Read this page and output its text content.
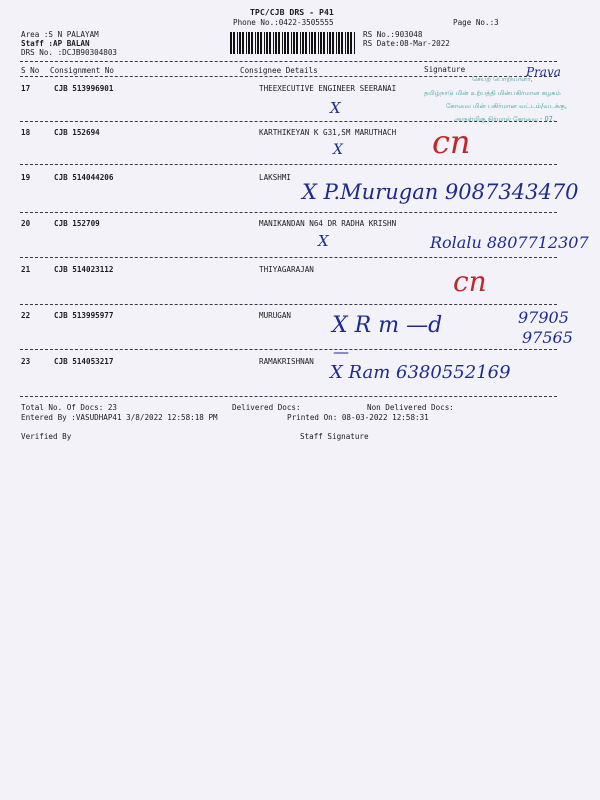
TPC/CJB DRS - P41
Phone No.:0422-3505555
RS No.:903048
Page No.:3
RS Date:08-Mar-2022
Area :S N PALAYAM
Staff :AP BALAN
DRS No. :DCJB90304803
S No Consignment No	Consignee Details	Signature
17	CJB 513996901	THEEXECUTIVE ENGINEER SEERANAI
18	CJB 152694	KARTHIKEYAN K G31,SM MARUTHACH
19	CJB 514044206	LAKSHMI
20	CJB 152709	MANIKANDAN N64 DR RADHA KRISHN
21	CJB 514023112	THIYAGARAJAN
22	CJB 513995977	MURUGAN
23	CJB 514053217	RAMAKRISHNAN
செயற் பொறியாளர்,
தமிழ்நாடு மின் உற்பத்தி மின்பகிர்மான கழகம்
கோவை மின் பகிர்மான வட்டம்/வடக்கு,
அருள்மிகு நிர்மால் கோவை - 07.
Prava
X
X	cn
X P.Murugan 9087343470
X	Rolalu 8807712307
cn
X R m —d	97905
97565
X Ram 6380552169
—
Total No. Of Docs: 23	Delivered Docs:	Non Delivered Docs:
Entered By :VASUDHAP41 3/8/2022 12:58:18 PM	Printed On: 08-03-2022 12:58:31
Verified By	Staff Signature
